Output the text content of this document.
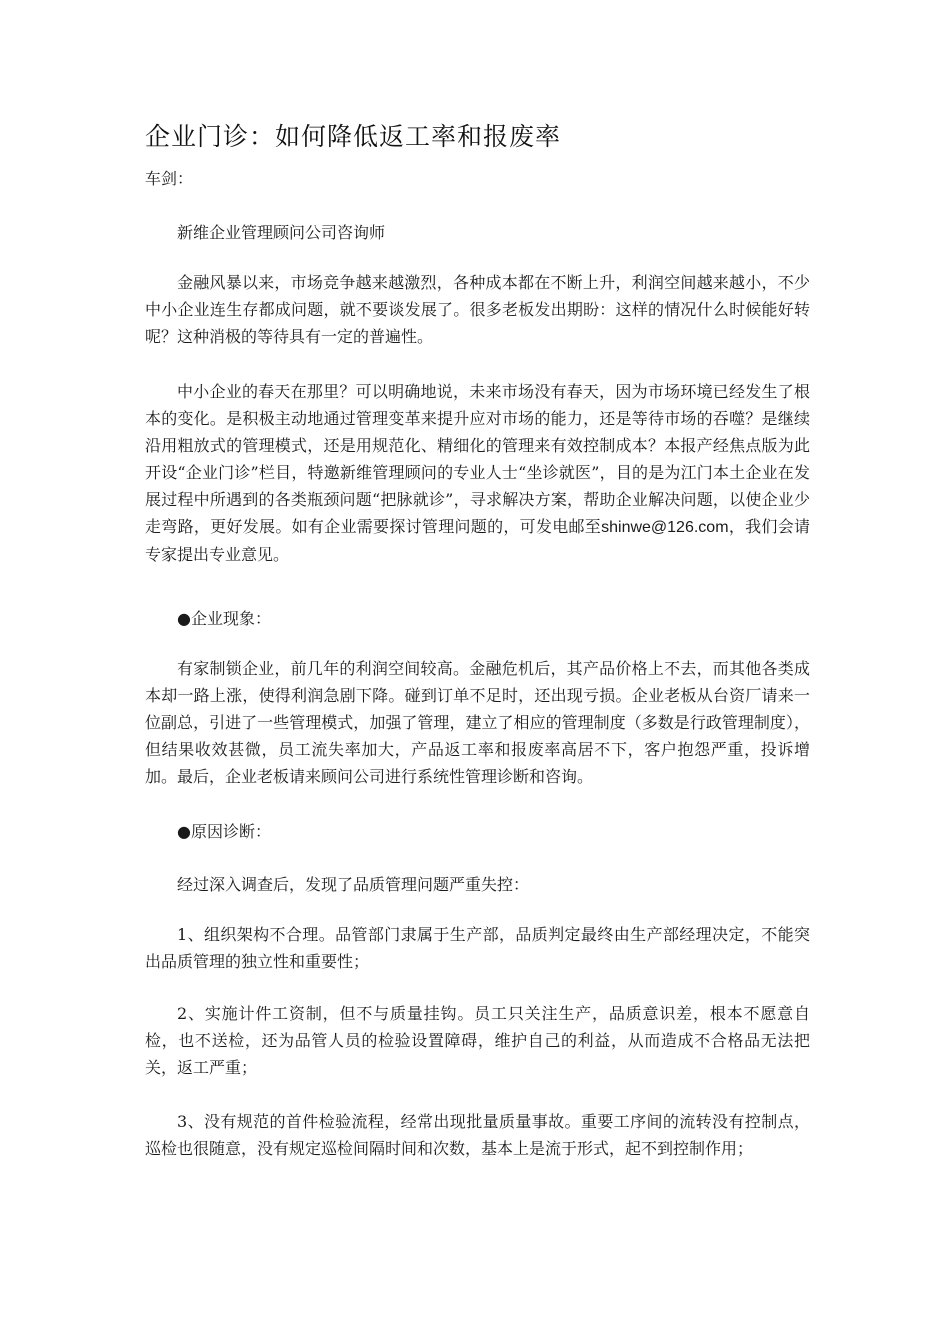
企业门诊：如何降低返工率和报废率
车剑：

新维企业管理顾问公司咨询师

金融风暴以来，市场竞争越来越激烈，各种成本都在不断上升，利润空间越来越小，不少中小企业连生存都成问题，就不要谈发展了。很多老板发出期盼：这样的情况什么时候能好转呢？这种消极的等待具有一定的普遍性。

中小企业的春天在那里？可以明确地说，未来市场没有春天，因为市场环境已经发生了根本的变化。是积极主动地通过管理变革来提升应对市场的能力，还是等待市场的吞噬？是继续沿用粗放式的管理模式，还是用规范化、精细化的管理来有效控制成本？本报产经焦点版为此开设“企业门诊”栏目，特邀新维管理顾问的专业人士“坐诊就医”，目的是为江门本土企业在发展过程中所遇到的各类瓶颈问题“把脉就诊”，寻求解决方案，帮助企业解决问题，以使企业少走弯路，更好发展。如有企业需要探讨管理问题的，可发电邮至shinwe@126.com，我们会请专家提出专业意见。

●企业现象：

有家制锁企业，前几年的利润空间较高。金融危机后，其产品价格上不去，而其他各类成本却一路上涨，使得利润急剧下降。碰到订单不足时，还出现亏损。企业老板从台资厂请来一位副总，引进了一些管理模式，加强了管理，建立了相应的管理制度（多数是行政管理制度），但结果收效甚微，员工流失率加大，产品返工率和报废率高居不下，客户抱怨严重，投诉增加。最后，企业老板请来顾问公司进行系统性管理诊断和咨询。

●原因诊断：

经过深入调查后，发现了品质管理问题严重失控：

1、组织架构不合理。品管部门隶属于生产部，品质判定最终由生产部经理决定，不能突出品质管理的独立性和重要性；

2、实施计件工资制，但不与质量挂钩。员工只关注生产，品质意识差，根本不愿意自检，也不送检，还为品管人员的检验设置障碍，维护自己的利益，从而造成不合格品无法把关，返工严重；

3、没有规范的首件检验流程，经常出现批量质量事故。重要工序间的流转没有控制点，巡检也很随意，没有规定巡检间隔时间和次数，基本上是流于形式，起不到控制作用；
